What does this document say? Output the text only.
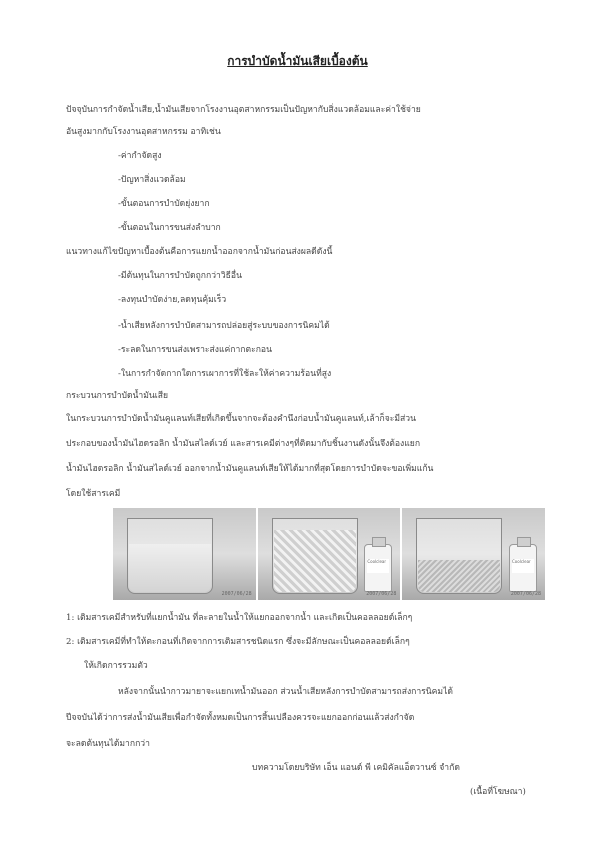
การบำบัดน้ำมันเสียเบื้องต้น
ปัจจุบันการกำจัดน้ำเสีย,น้ำมันเสียจากโรงงานอุตสาหกรรมเป็นปัญหากับสิ่งแวดล้อมและค่าใช้จ่าย
อันสูงมากกับโรงงานอุตสาหกรรม อาทิเช่น
-ค่ากำจัดสูง
-ปัญหาสิ่งแวดล้อม
-ขั้นตอนการบำบัดยุ่งยาก
-ขั้นตอนในการขนส่งลำบาก
แนวทางแก้ไขปัญหาเบื้องต้นคือการแยกน้ำออกจากน้ำมันก่อนส่งผลดีดังนี้
-มีต้นทุนในการบำบัดถูกกว่าวิธีอื่น
-ลงทุนบำบัดง่าย,ลดทุนคุ้มเร็ว
-น้ำเสียหลังการบำบัดสามารถปล่อยสู่ระบบของการนิคมได้
-ระลดในการขนส่งเพราะส่งแค่กากตะกอน
-ในการกำจัดกากใดการเผาการที่ใช้ละให้ค่าความร้อนที่สูง
กระบวนการบำบัดน้ำมันเสีย
ในกระบวนการบำบัดน้ำมันคูแลนท์เสียที่เกิดขึ้นจากจะต้องคำนึงก่อบน้ำมันคูแลนท์,เล้าก็จะมีส่วน
ประกอบของน้ำมันไฮดรอลิก น้ำมันสไลด์เวย์ และสารเคมีต่างๆที่ติดมากับชิ้นงานดังนั้นจึงต้องแยก
น้ำมันไฮดรอลิก น้ำมันสไลด์เวย์ ออกจากน้ำมันคูแลนท์เสียให้ได้มากที่สุดโดยการบำบัดจะขอเพิ่มแก้น
โดยใช้สารเคมี
2007/06/28
Coolclear
2007/06/28
Coolclear
2007/06/28
1: เติมสารเคมีสำหรับที่แยกน้ำมัน ที่ละลายในน้ำให้แยกออกจากน้ำ และเกิดเป็นคอลลอยด์เล็กๆ
2: เติมสารเคมีที่ทำให้ตะกอนที่เกิดจากการเติมสารชนิดแรก ซึ่งจะมีลักษณะเป็นคอลลอยด์เล็กๆ
ให้เกิดการรวมตัว
หลังจากนั้นนำกาวมายาจะแยกเทน้ำมันออก ส่วนน้ำเสียหลังการบำบัดสามารถส่งการนิคมได้
ปีจจบันได้ว่าการส่งน้ำมันเสียเพื่อกำจัดทั้งหมดเป็นการสิ้นเปลืองควรจะแยกออกก่อนแล้วส่งกำจัด
จะลดต้นทุนได้มากกว่า
บทความโดยบริษัท เอ็น แอนด์ พี เคมิคัลแอ็ดวานซ์ จำกัด
(เนื้อที่โฆษณา)
